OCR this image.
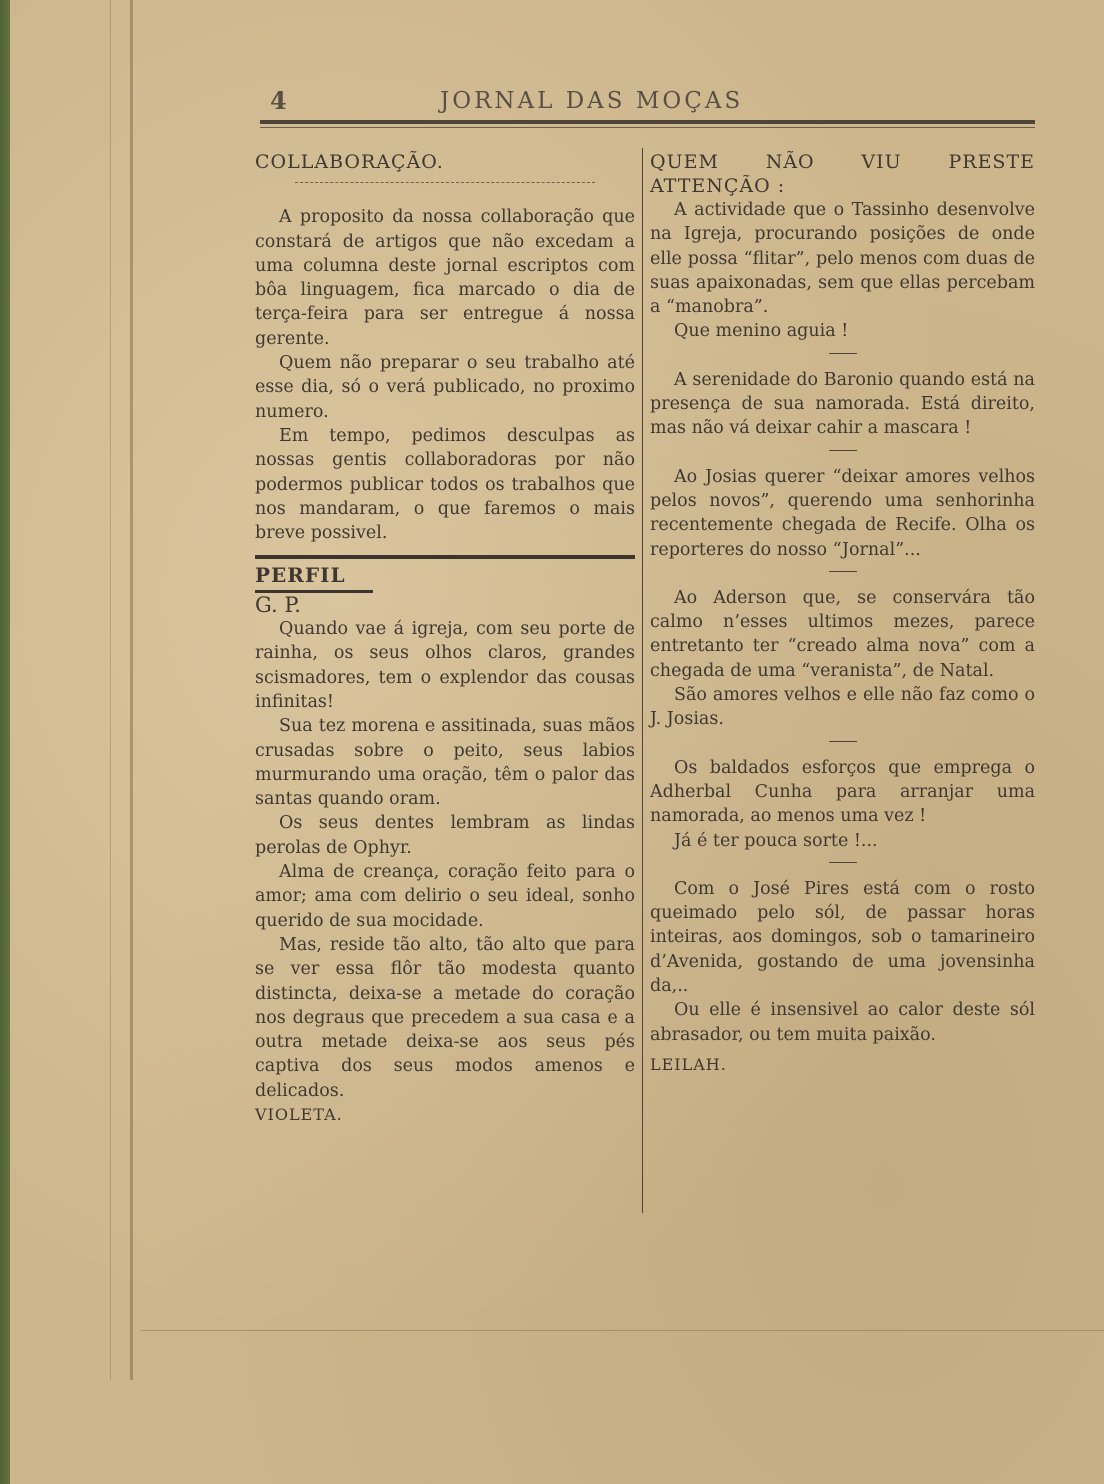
4	JORNAL DAS MOÇAS

COLLABORAÇÃO.

A proposito da nossa collaboração que constará de artigos que não excedam a uma columna deste jornal escriptos com bôa linguagem, fica marcado o dia de terça-feira para ser entregue á nossa gerente.

Quem não preparar o seu trabalho até esse dia, só o verá publicado, no proximo numero.

Em tempo, pedimos desculpas as nossas gentis collaboradoras por não podermos publicar todos os trabalhos que nos mandaram, o que faremos o mais breve possivel.

PERFIL

G. P.

Quando vae á igreja, com seu porte de rainha, os seus olhos claros, grandes scismadores, tem o explendor das cousas infinitas!

Sua tez morena e assitinada, suas mãos crusadas sobre o peito, seus labios murmurando uma oração, têm o palor das santas quando oram.

Os seus dentes lembram as lindas perolas de Ophyr.

Alma de creança, coração feito para o amor; ama com delirio o seu ideal, sonho querido de sua mocidade.

Mas, reside tão alto, tão alto que para se ver essa flôr tão modesta quanto distincta, deixa-se a metade do coração nos degraus que precedem a sua casa e a outra metade deixa-se aos seus pés captiva dos seus modos amenos e delicados.

VIOLETA.

QUEM NÃO VIU PRESTE ATTENÇÃO :

A actividade que o Tassinho desenvolve na Igreja, procurando posições de onde elle possa “flitar”, pelo menos com duas de suas apaixonadas, sem que ellas percebam a “manobra”.

Que menino aguia !

A serenidade do Baronio quando está na presença de sua namorada. Está direito, mas não vá deixar cahir a mascara !

Ao Josias querer “deixar amores velhos pelos novos”, querendo uma senhorinha recentemente chegada de Recife. Olha os reporteres do nosso “Jornal”...

Ao Aderson que, se conservára tão calmo n’esses ultimos mezes, parece entretanto ter “creado alma nova” com a chegada de uma “veranista”, de Natal.

São amores velhos e elle não faz como o J. Josias.

Os baldados esforços que emprega o Adherbal Cunha para arranjar uma namorada, ao menos uma vez !

Já é ter pouca sorte !...

Com o José Pires está com o rosto queimado pelo sól, de passar horas inteiras, aos domingos, sob o tamarineiro d’Avenida, gostando de uma jovensinha da,..

Ou elle é insensivel ao calor deste sól abrasador, ou tem muita paixão.

LEILAH.
